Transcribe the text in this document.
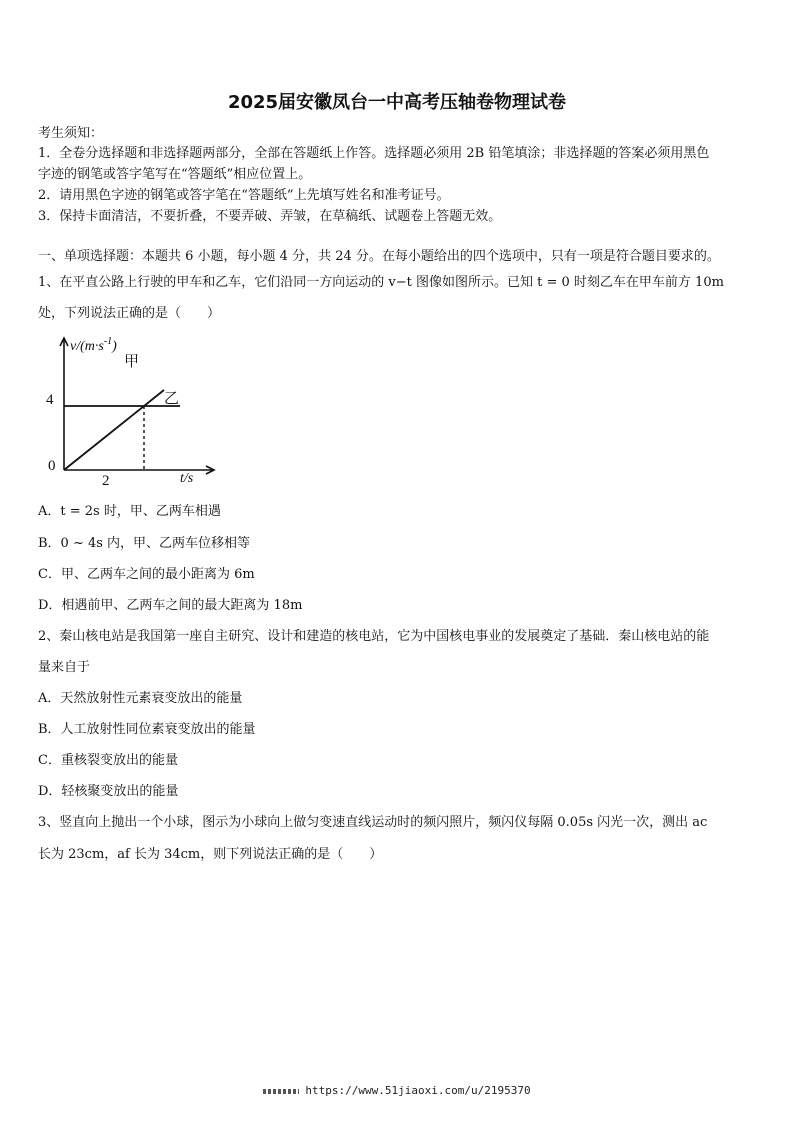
2025届安徽凤台一中高考压轴卷物理试卷
考生须知：
1．全卷分选择题和非选择题两部分，全部在答题纸上作答。选择题必须用 2B 铅笔填涂；非选择题的答案必须用黑色
字迹的钢笔或答字笔写在“答题纸”相应位置上。
2．请用黑色字迹的钢笔或答字笔在“答题纸”上先填写姓名和准考证号。
3．保持卡面清洁，不要折叠，不要弄破、弄皱，在草稿纸、试题卷上答题无效。
一、单项选择题：本题共 6 小题，每小题 4 分，共 24 分。在每小题给出的四个选项中，只有一项是符合题目要求的。
1、在平直公路上行驶的甲车和乙车，它们沿同一方向运动的 v−t 图像如图所示。已知 t = 0 时刻乙车在甲车前方 10m
处，下列说法正确的是（　　）
$v/(m\cdot s^{-1})$
t/s
0
4
2
甲
乙
A．t = 2s 时，甲、乙两车相遇
B．0 ~ 4s 内，甲、乙两车位移相等
C．甲、乙两车之间的最小距离为 6m
D．相遇前甲、乙两车之间的最大距离为 18m
2、秦山核电站是我国第一座自主研究、设计和建造的核电站，它为中国核电事业的发展奠定了基础．秦山核电站的能
量来自于
A．天然放射性元素衰变放出的能量
B．人工放射性同位素衰变放出的能量
C．重核裂变放出的能量
D．轻核聚变放出的能量
3、竖直向上抛出一个小球，图示为小球向上做匀变速直线运动时的频闪照片，频闪仪每隔 0.05s 闪光一次，测出 ac
长为 23cm，af 长为 34cm，则下列说法正确的是（　　）
https://www.51jiaoxi.com/u/2195370
